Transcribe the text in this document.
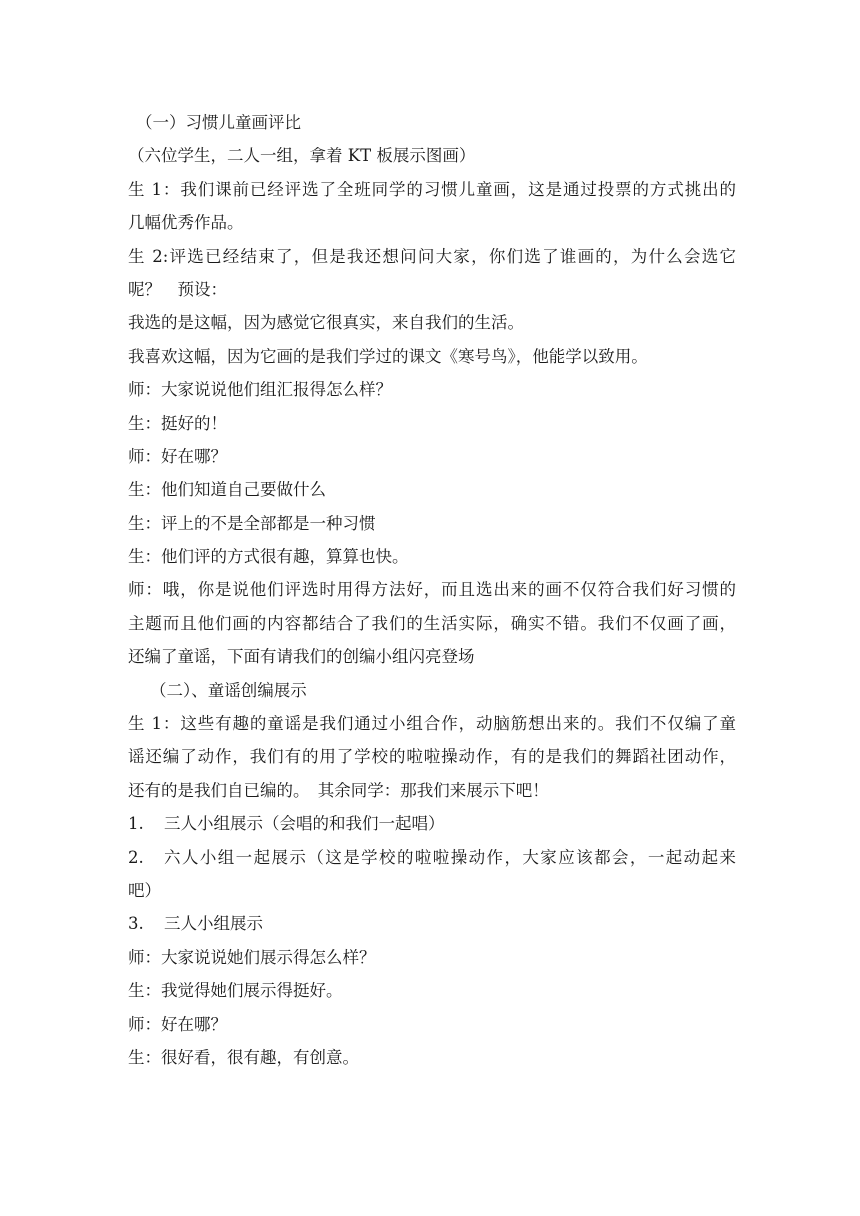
（一）习惯儿童画评比
（六位学生，二人一组，拿着 KT 板展示图画）
生 1：我们课前已经评选了全班同学的习惯儿童画，这是通过投票的方式挑出的
几幅优秀作品。
生 2:评选已经结束了，但是我还想问问大家，你们选了谁画的，为什么会选它
呢？　预设：
我选的是这幅，因为感觉它很真实，来自我们的生活。
我喜欢这幅，因为它画的是我们学过的课文《寒号鸟》，他能学以致用。
师：大家说说他们组汇报得怎么样？
生：挺好的！
师：好在哪？
生：他们知道自己要做什么
生：评上的不是全部都是一种习惯
生：他们评的方式很有趣，算算也快。
师：哦，你是说他们评选时用得方法好，而且选出来的画不仅符合我们好习惯的
主题而且他们画的内容都结合了我们的生活实际，确实不错。我们不仅画了画，
还编了童谣，下面有请我们的创编小组闪亮登场
（二）、童谣创编展示
生 1：这些有趣的童谣是我们通过小组合作，动脑筋想出来的。我们不仅编了童
谣还编了动作，我们有的用了学校的啦啦操动作，有的是我们的舞蹈社团动作，
还有的是我们自已编的。　其余同学：那我们来展示下吧！
1. 三人小组展示（会唱的和我们一起唱）
2. 六人小组一起展示（这是学校的啦啦操动作，大家应该都会，一起动起来
吧）
3. 三人小组展示
师：大家说说她们展示得怎么样？
生：我觉得她们展示得挺好。
师：好在哪？
生：很好看，很有趣，有创意。
